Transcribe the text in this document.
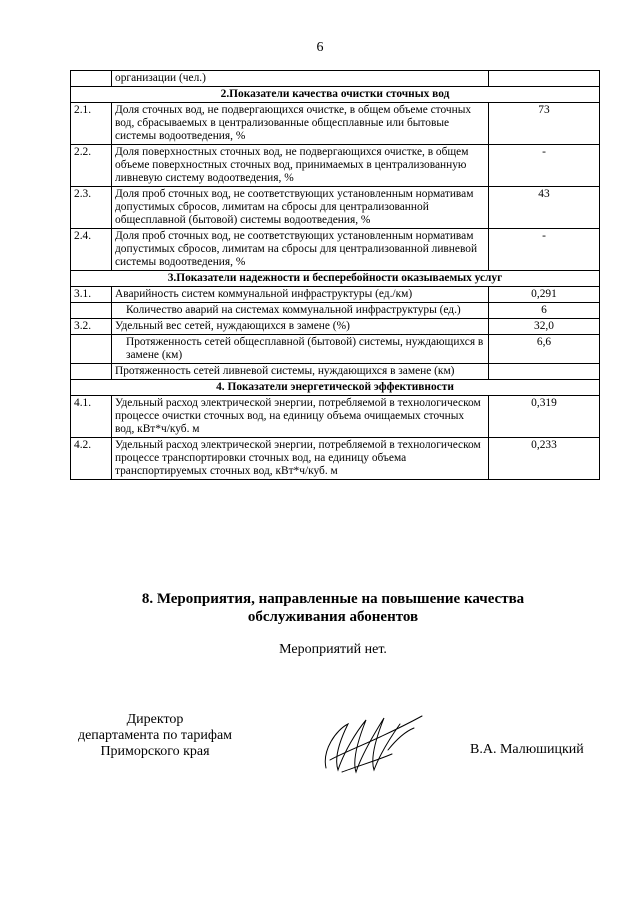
6
	организации (чел.)	
2.Показатели качества очистки сточных вод		
2.1.	Доля сточных вод, не подвергающихся очистке, в общем объеме сточных вод, сбрасываемых в централизованные общесплавные или бытовые системы водоотведения, %	73
2.2.	Доля поверхностных сточных вод, не подвергающихся очистке, в общем объеме поверхностных сточных вод, принимаемых в централизованную ливневую систему водоотведения, %	-
2.3.	Доля проб сточных вод, не соответствующих установленным нормативам допустимых сбросов, лимитам на сбросы для централизованной общесплавной (бытовой) системы водоотведения, %	43
2.4.	Доля проб сточных вод, не соответствующих установленным нормативам допустимых сбросов, лимитам на сбросы для централизованной ливневой системы водоотведения, %	-
3.Показатели надежности и бесперебойности оказываемых услуг		
3.1.	Аварийность систем коммунальной инфраструктуры (ед./км)	0,291
	Количество аварий на системах коммунальной инфраструктуры (ед.)	6
3.2.	Удельный вес сетей, нуждающихся в замене (%)	32,0
	Протяженность сетей общесплавной (бытовой) системы, нуждающихся в замене (км)	6,6
	Протяженность сетей ливневой системы, нуждающихся в замене (км)	
4. Показатели энергетической эффективности		
4.1.	Удельный расход электрической энергии, потребляемой в технологическом процессе очистки сточных вод, на единицу объема очищаемых сточных вод, кВт*ч/куб. м	0,319
4.2.	Удельный расход электрической энергии, потребляемой в технологическом процессе транспортировки сточных вод, на единицу объема транспортируемых сточных вод, кВт*ч/куб. м	0,233
8. Мероприятия, направленные на повышение качества
обслуживания абонентов
Мероприятий нет.
Директор
департамента по тарифам
Приморского края	В.А. Малюшицкий
